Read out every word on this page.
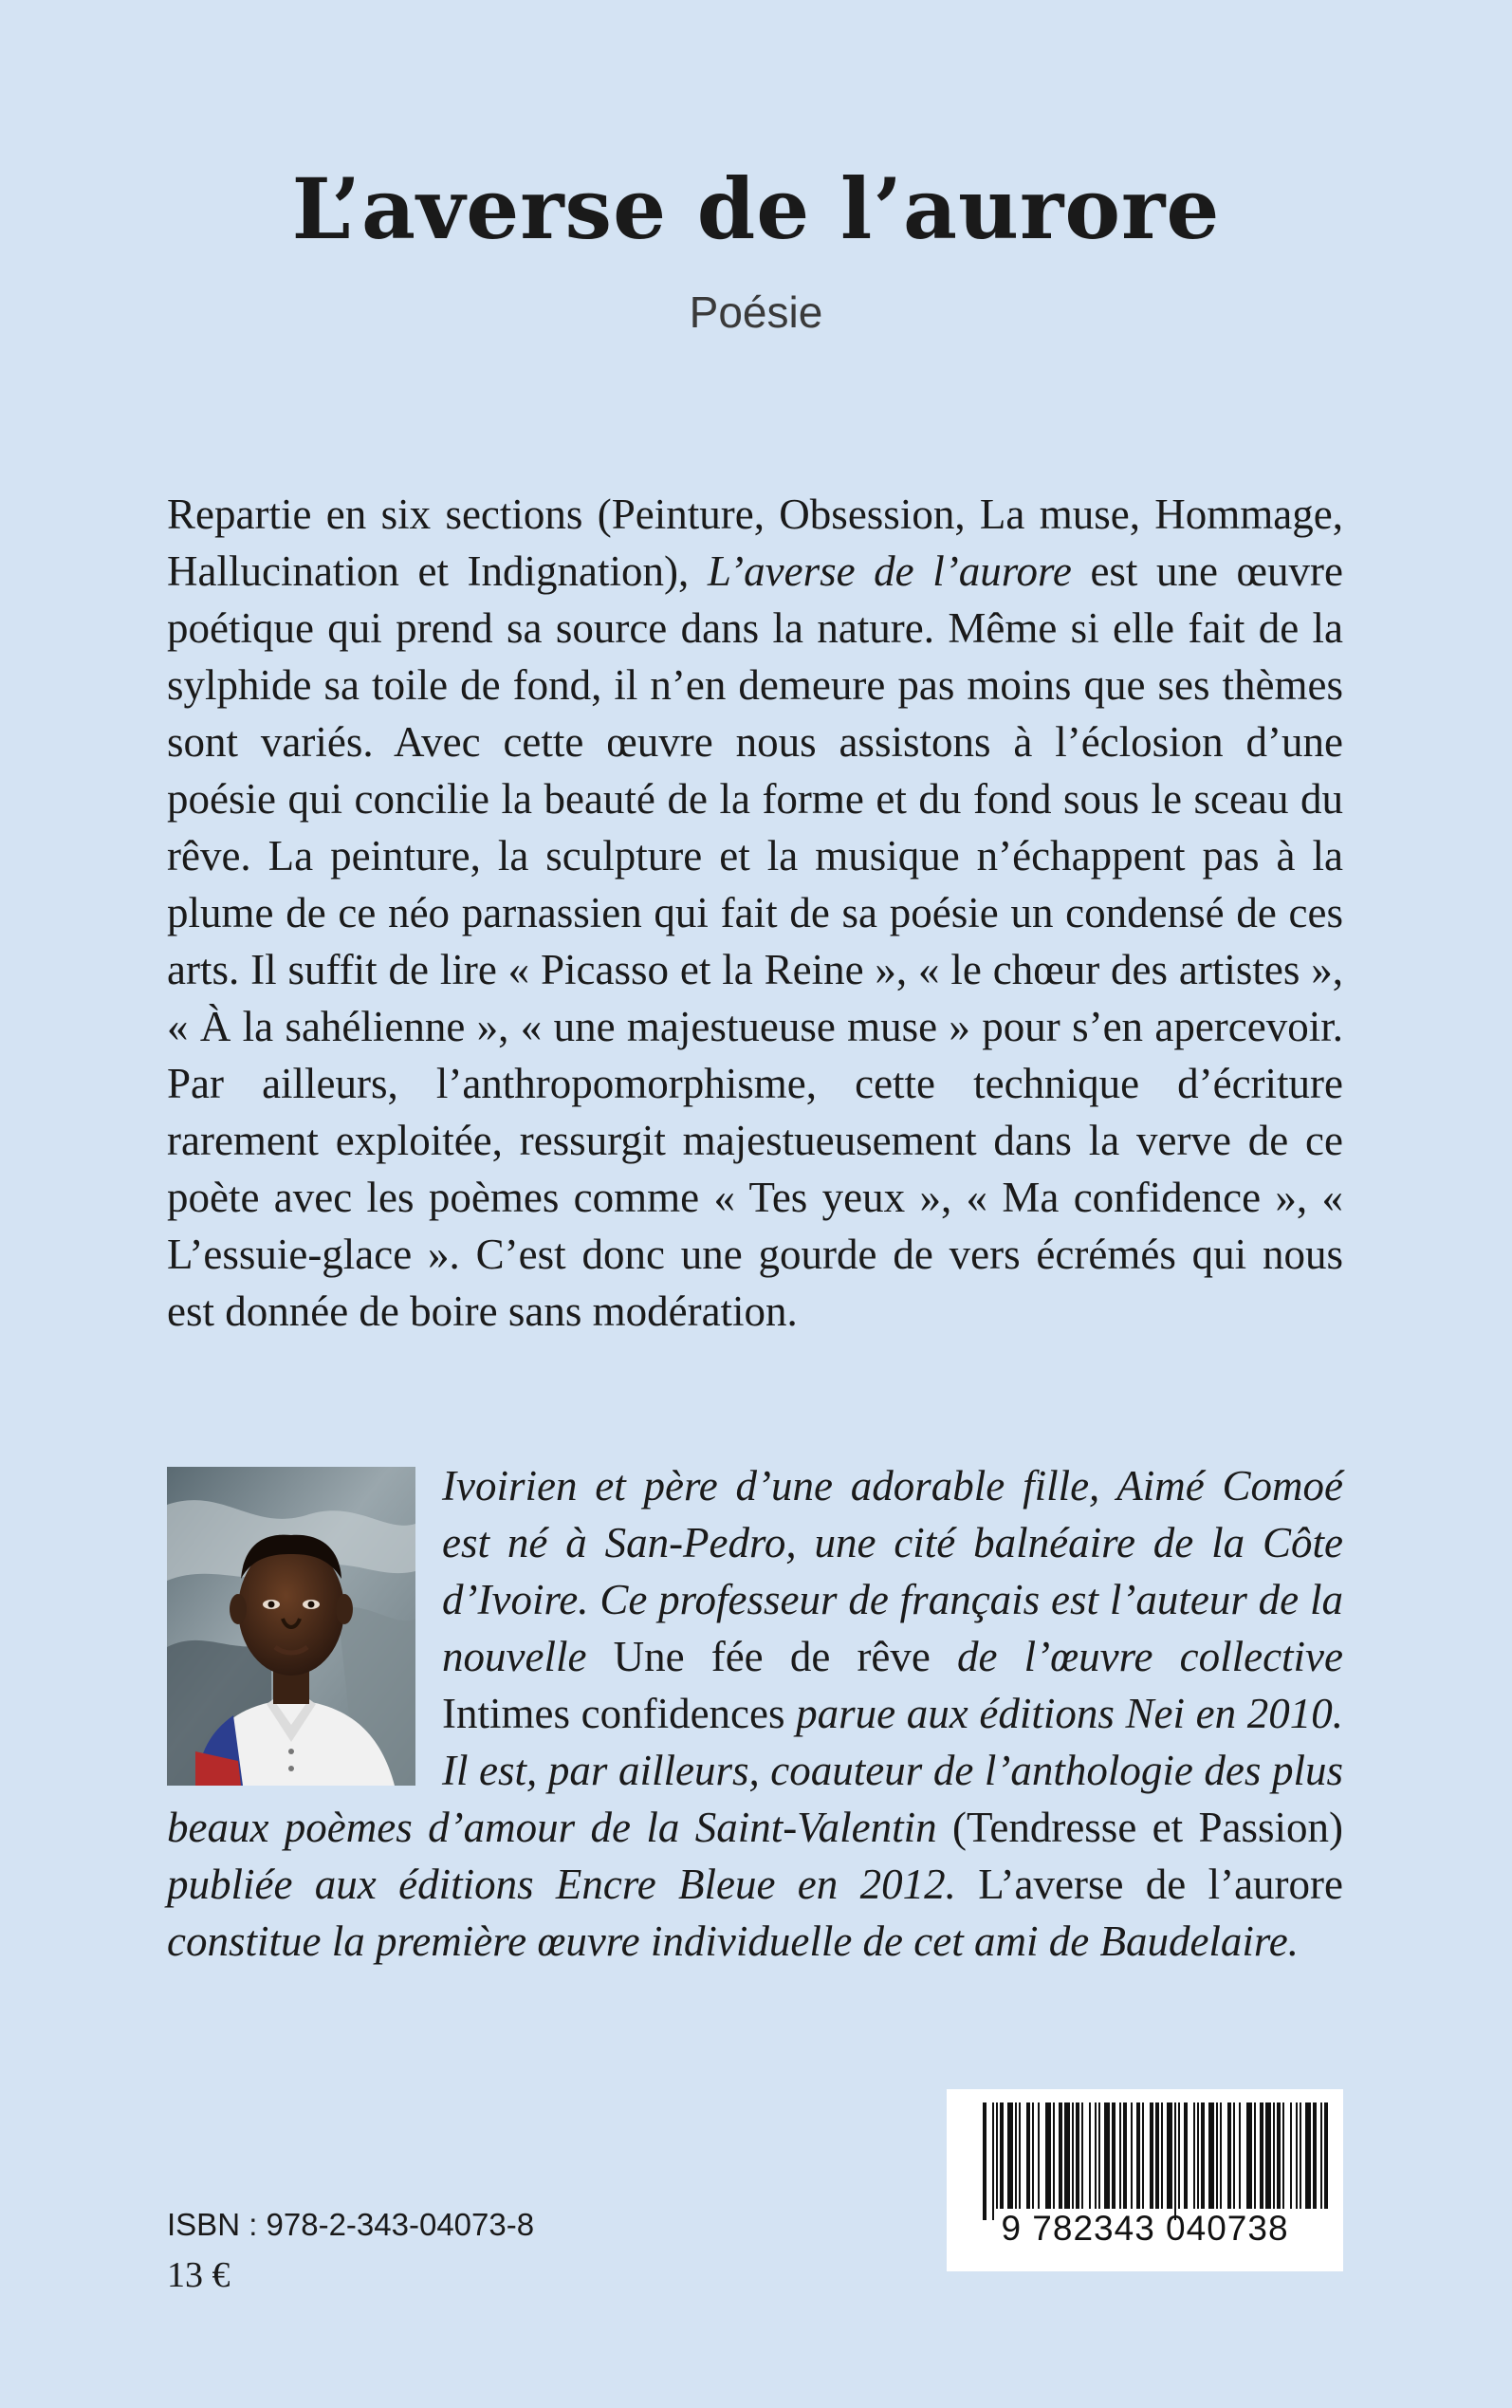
L’averse de l’aurore
Poésie

Repartie en six sections (Peinture, Obsession, La muse, Hommage, Hallucination et Indignation), L’averse de l’aurore est une œuvre poétique qui prend sa source dans la nature. Même si elle fait de la sylphide sa toile de fond, il n’en demeure pas moins que ses thèmes sont variés. Avec cette œuvre nous assistons à l’éclosion d’une poésie qui concilie la beauté de la forme et du fond sous le sceau du rêve. La peinture, la sculpture et la musique n’échappent pas à la plume de ce néo parnassien qui fait de sa poésie un condensé de ces arts. Il suffit de lire « Picasso et la Reine », « le chœur des artistes », « À la sahélienne », « une majestueuse muse » pour s’en apercevoir. Par ailleurs, l’anthropomorphisme, cette technique d’écriture rarement exploitée, ressurgit majestueusement dans la verve de ce poète avec les poèmes comme « Tes yeux », « Ma confidence », « L’essuie-glace ». C’est donc une gourde de vers écrémés qui nous est donnée de boire sans modération.

Ivoirien et père d’une adorable fille, Aimé Comoé est né à San-Pedro, une cité balnéaire de la Côte d’Ivoire. Ce professeur de français est l’auteur de la nouvelle Une fée de rêve de l’œuvre collective Intimes confidences parue aux éditions Nei en 2010. Il est, par ailleurs, coauteur de l’anthologie des plus beaux poèmes d’amour de la Saint-Valentin (Tendresse et Passion) publiée aux éditions Encre Bleue en 2012. L’averse de l’aurore constitue la première œuvre individuelle de cet ami de Baudelaire.

9 782343 040738
ISBN : 978-2-343-04073-8
13 €
